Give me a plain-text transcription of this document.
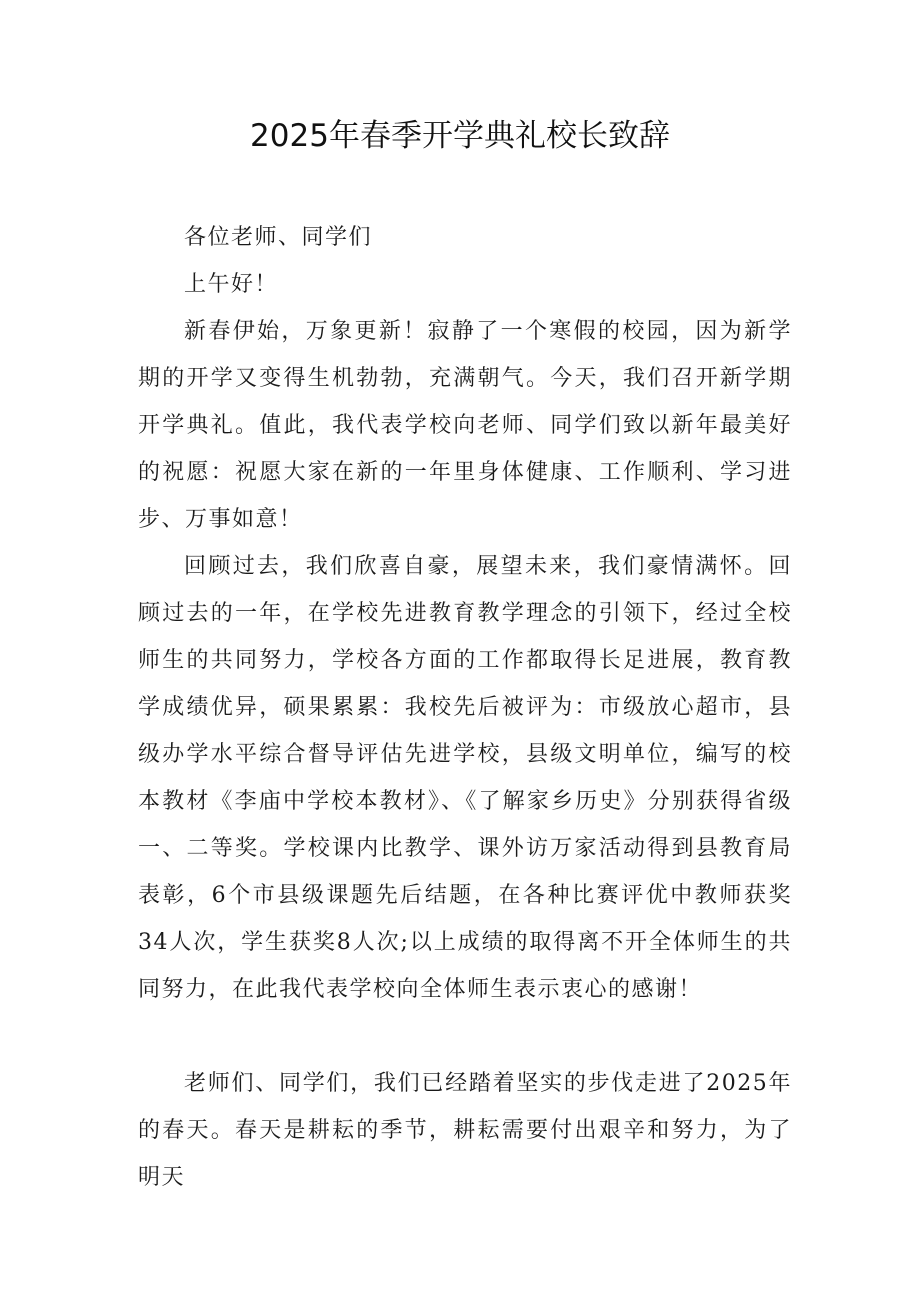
2025年春季开学典礼校长致辞

各位老师、同学们

上午好！

新春伊始，万象更新！寂静了一个寒假的校园，因为新学期的开学又变得生机勃勃，充满朝气。今天，我们召开新学期开学典礼。值此，我代表学校向老师、同学们致以新年最美好的祝愿：祝愿大家在新的一年里身体健康、工作顺利、学习进步、万事如意！

回顾过去，我们欣喜自豪，展望未来，我们豪情满怀。回顾过去的一年，在学校先进教育教学理念的引领下，经过全校师生的共同努力，学校各方面的工作都取得长足进展，教育教学成绩优异，硕果累累：我校先后被评为：市级放心超市，县级办学水平综合督导评估先进学校，县级文明单位，编写的校本教材《李庙中学校本教材》、《了解家乡历史》分别获得省级一、二等奖。学校课内比教学、课外访万家活动得到县教育局表彰，6个市县级课题先后结题，在各种比赛评优中教师获奖34人次，学生获奖8人次;以上成绩的取得离不开全体师生的共同努力，在此我代表学校向全体师生表示衷心的感谢！

老师们、同学们，我们已经踏着坚实的步伐走进了2025年的春天。春天是耕耘的季节，耕耘需要付出艰辛和努力，为了明天
